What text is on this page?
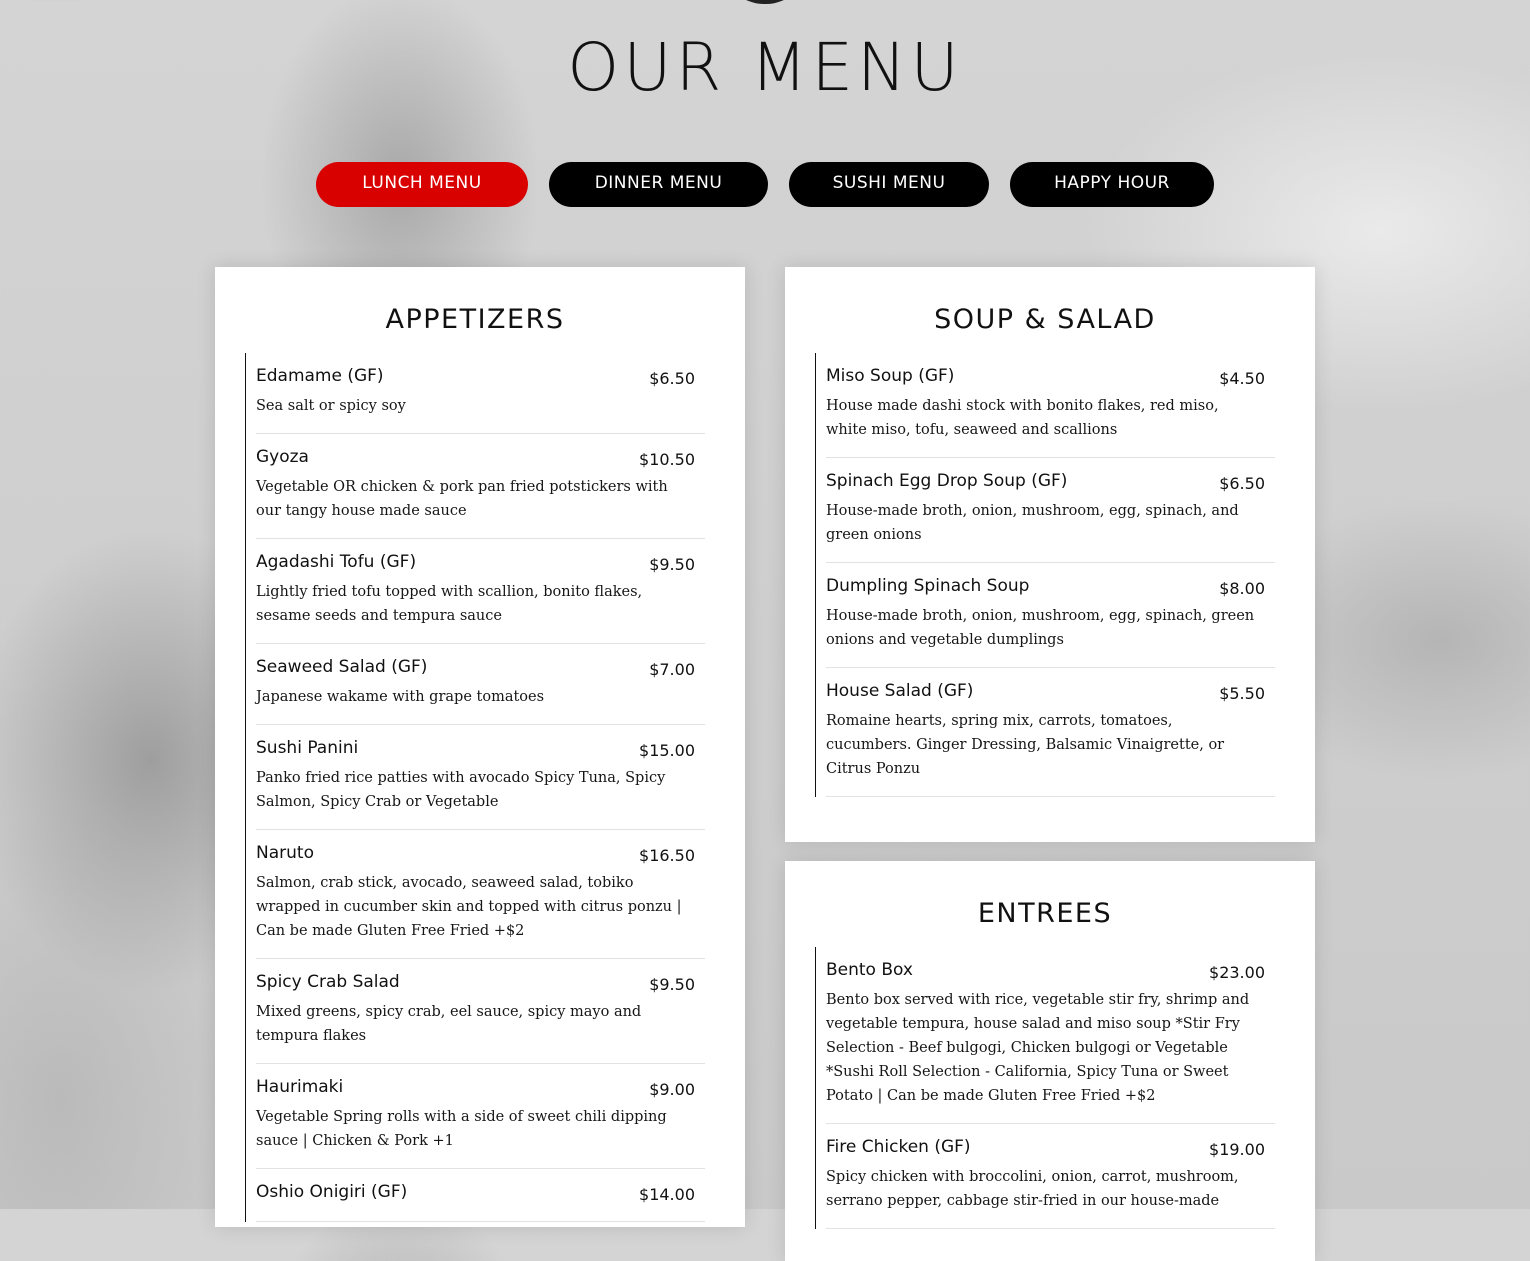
OUR MENU
LUNCH MENU	DINNER MENU	SUSHI MENU	HAPPY HOUR
APPETIZERS
Edamame (GF)	$6.50
Sea salt or spicy soy
Gyoza	$10.50
Vegetable OR chicken & pork pan fried potstickers with our tangy house made sauce
Agadashi Tofu (GF)	$9.50
Lightly fried tofu topped with scallion, bonito flakes, sesame seeds and tempura sauce
Seaweed Salad (GF)	$7.00
Japanese wakame with grape tomatoes
Sushi Panini	$15.00
Panko fried rice patties with avocado Spicy Tuna, Spicy Salmon, Spicy Crab or Vegetable
Naruto	$16.50
Salmon, crab stick, avocado, seaweed salad, tobiko wrapped in cucumber skin and topped with citrus ponzu | Can be made Gluten Free Fried +$2
Spicy Crab Salad	$9.50
Mixed greens, spicy crab, eel sauce, spicy mayo and tempura flakes
Haurimaki	$9.00
Vegetable Spring rolls with a side of sweet chili dipping sauce | Chicken & Pork +1
Oshio Onigiri (GF)	$14.00
SOUP & SALAD
Miso Soup (GF)	$4.50
House made dashi stock with bonito flakes, red miso, white miso, tofu, seaweed and scallions
Spinach Egg Drop Soup (GF)	$6.50
House-made broth, onion, mushroom, egg, spinach, and green onions
Dumpling Spinach Soup	$8.00
House-made broth, onion, mushroom, egg, spinach, green onions and vegetable dumplings
House Salad (GF)	$5.50
Romaine hearts, spring mix, carrots, tomatoes, cucumbers. Ginger Dressing, Balsamic Vinaigrette, or Citrus Ponzu
ENTREES
Bento Box	$23.00
Bento box served with rice, vegetable stir fry, shrimp and vegetable tempura, house salad and miso soup *Stir Fry Selection - Beef bulgogi, Chicken bulgogi or Vegetable *Sushi Roll Selection - California, Spicy Tuna or Sweet Potato | Can be made Gluten Free Fried +$2
Fire Chicken (GF)	$19.00
Spicy chicken with broccolini, onion, carrot, mushroom, serrano pepper, cabbage stir-fried in our house-made
